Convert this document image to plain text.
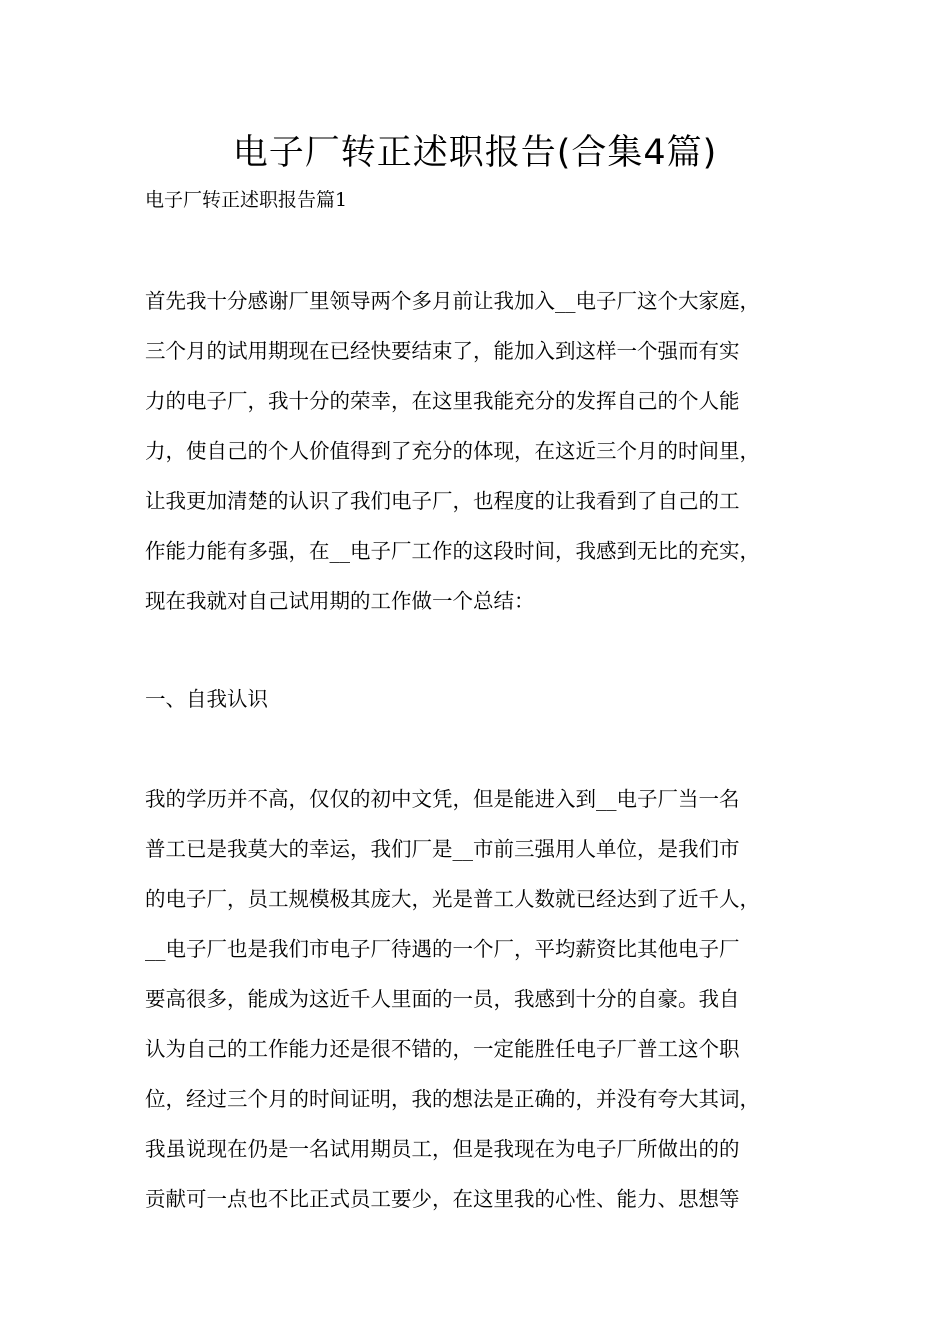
电子厂转正述职报告(合集4篇)
电子厂转正述职报告篇1
首先我十分感谢厂里领导两个多月前让我加入__电子厂这个大家庭，
三个月的试用期现在已经快要结束了，能加入到这样一个强而有实
力的电子厂，我十分的荣幸，在这里我能充分的发挥自己的个人能
力，使自己的个人价值得到了充分的体现，在这近三个月的时间里，
让我更加清楚的认识了我们电子厂，也程度的让我看到了自己的工
作能力能有多强，在__电子厂工作的这段时间，我感到无比的充实，
现在我就对自己试用期的工作做一个总结：
一、自我认识
我的学历并不高，仅仅的初中文凭，但是能进入到__电子厂当一名
普工已是我莫大的幸运，我们厂是__市前三强用人单位，是我们市
的电子厂，员工规模极其庞大，光是普工人数就已经达到了近千人，
__电子厂也是我们市电子厂待遇的一个厂，平均薪资比其他电子厂
要高很多，能成为这近千人里面的一员，我感到十分的自豪。我自
认为自己的工作能力还是很不错的，一定能胜任电子厂普工这个职
位，经过三个月的时间证明，我的想法是正确的，并没有夸大其词，
我虽说现在仍是一名试用期员工，但是我现在为电子厂所做出的的
贡献可一点也不比正式员工要少，在这里我的心性、能力、思想等
